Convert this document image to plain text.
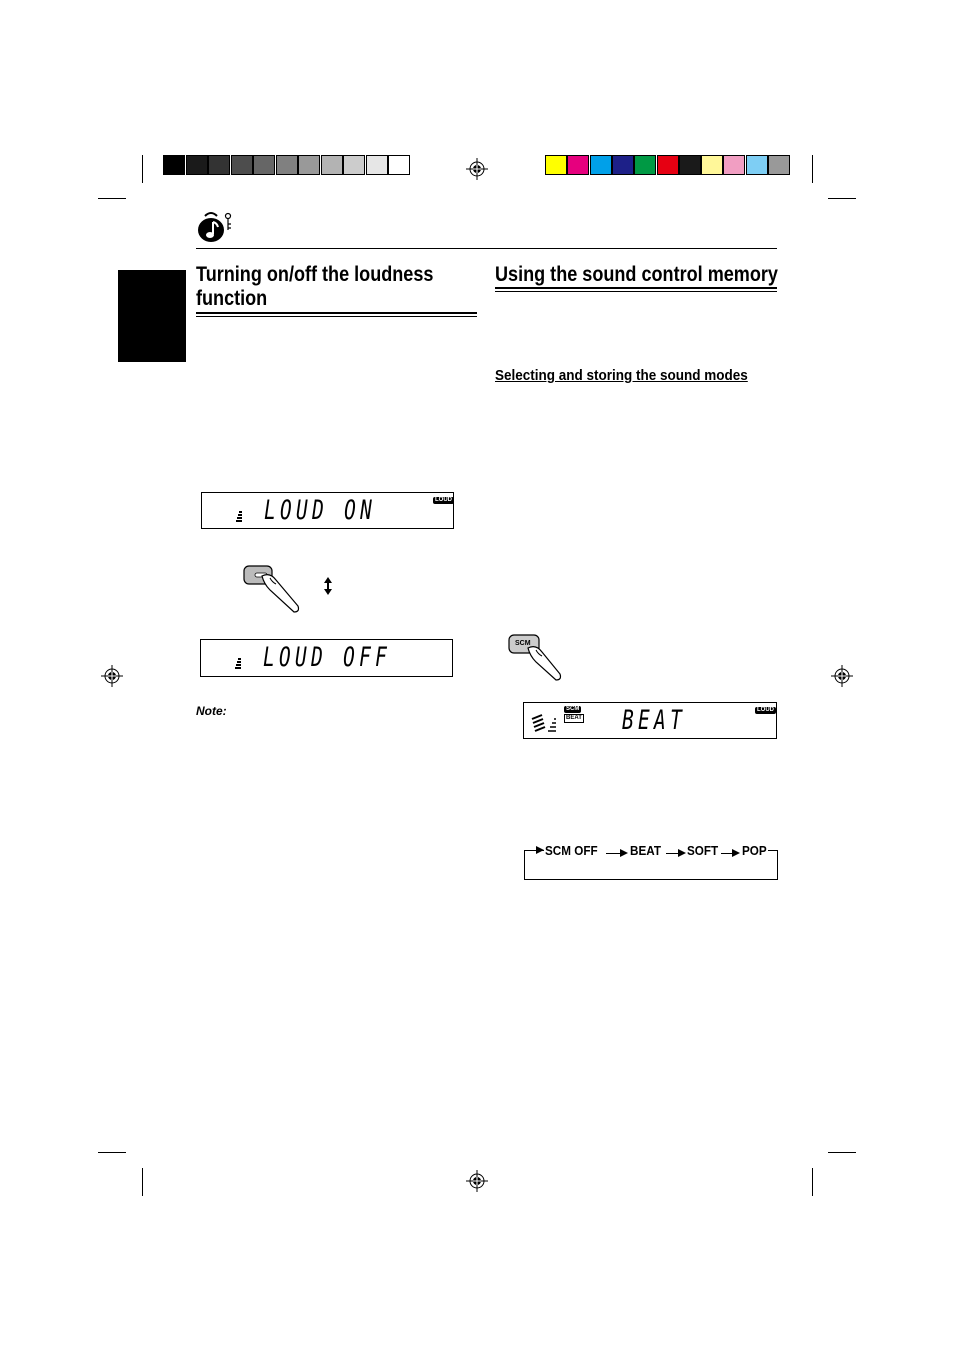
Turning on/off the loudness
function
LOUD ON	LOUD
LOUD OFF
Note:
Using the sound control memory
Selecting and storing the sound modes
SCM
SCM
BEAT BEAT	LOUD
SCM OFF BEAT SOFT POP
